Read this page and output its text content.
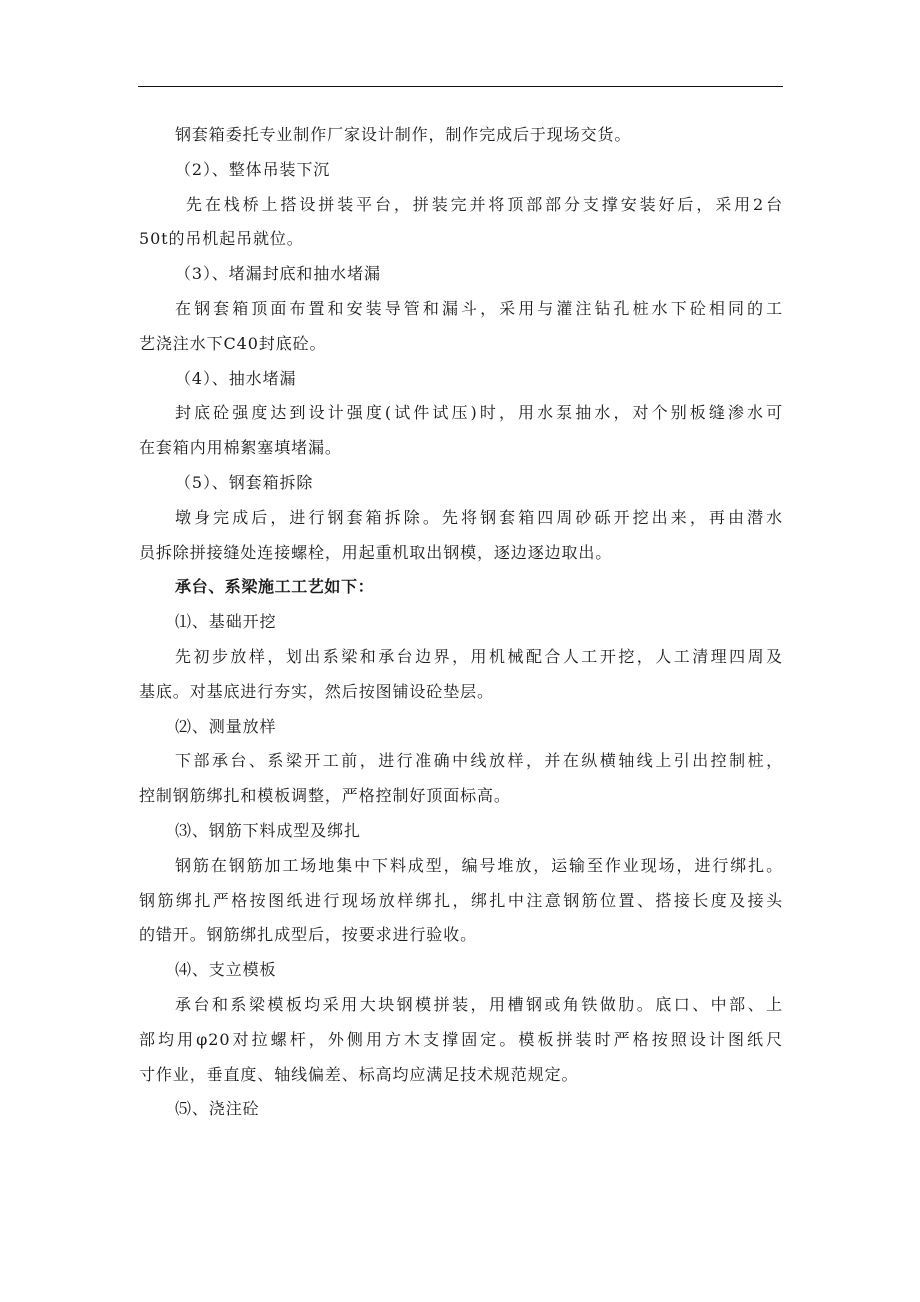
钢套箱委托专业制作厂家设计制作，制作完成后于现场交货。
（2）、整体吊装下沉
先在栈桥上搭设拼装平台，拼装完并将顶部部分支撑安装好后，采用2台
50t的吊机起吊就位。
（3）、堵漏封底和抽水堵漏
在钢套箱顶面布置和安装导管和漏斗，采用与灌注钻孔桩水下砼相同的工
艺浇注水下C40封底砼。
（4）、抽水堵漏
封底砼强度达到设计强度(试件试压)时，用水泵抽水，对个别板缝渗水可
在套箱内用棉絮塞填堵漏。
（5）、钢套箱拆除
墩身完成后，进行钢套箱拆除。先将钢套箱四周砂砾开挖出来，再由潜水
员拆除拼接缝处连接螺栓，用起重机取出钢模，逐边逐边取出。
承台、系梁施工工艺如下：
⑴、基础开挖
先初步放样，划出系梁和承台边界，用机械配合人工开挖，人工清理四周及
基底。对基底进行夯实，然后按图铺设砼垫层。
⑵、测量放样
下部承台、系梁开工前，进行准确中线放样，并在纵横轴线上引出控制桩，
控制钢筋绑扎和模板调整，严格控制好顶面标高。
⑶、钢筋下料成型及绑扎
钢筋在钢筋加工场地集中下料成型，编号堆放，运输至作业现场，进行绑扎。
钢筋绑扎严格按图纸进行现场放样绑扎，绑扎中注意钢筋位置、搭接长度及接头
的错开。钢筋绑扎成型后，按要求进行验收。
⑷、支立模板
承台和系梁模板均采用大块钢模拼装，用槽钢或角铁做肋。底口、中部、上
部均用φ20对拉螺杆，外侧用方木支撑固定。模板拼装时严格按照设计图纸尺
寸作业，垂直度、轴线偏差、标高均应满足技术规范规定。
⑸、浇注砼
